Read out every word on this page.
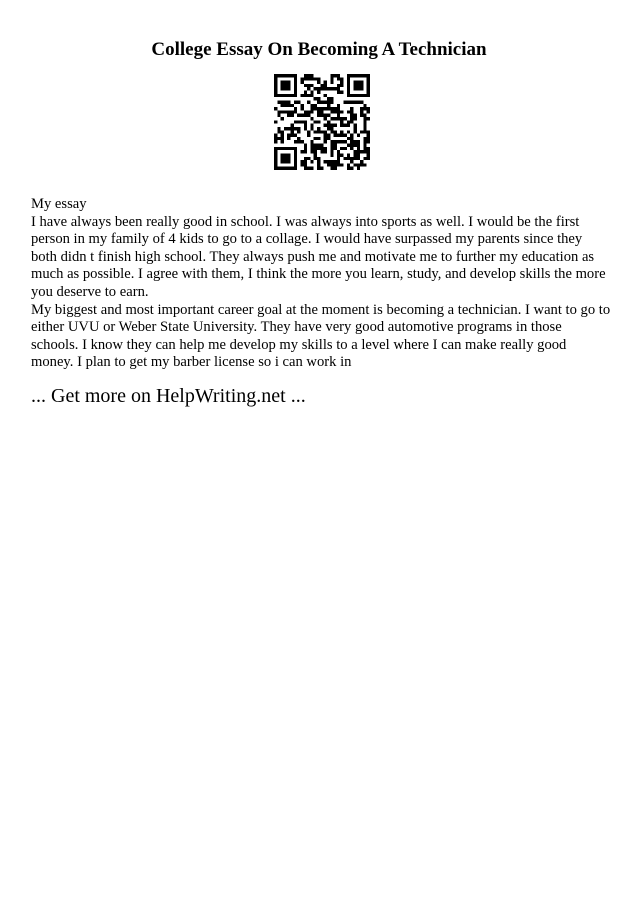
College Essay On Becoming A Technician

My essay

I have always been really good in school. I was always into sports as well. I would be the first person in my family of 4 kids to go to a collage. I would have surpassed my parents since they both didn t finish high school. They always push me and motivate me to further my education as much as possible. I agree with them, I think the more you learn, study, and develop skills the more you deserve to earn.

My biggest and most important career goal at the moment is becoming a technician. I want to go to either UVU or Weber State University. They have very good automotive programs in those schools. I know they can help me develop my skills to a level where I can make really good money. I plan to get my barber license so i can work in

... Get more on HelpWriting.net ...
